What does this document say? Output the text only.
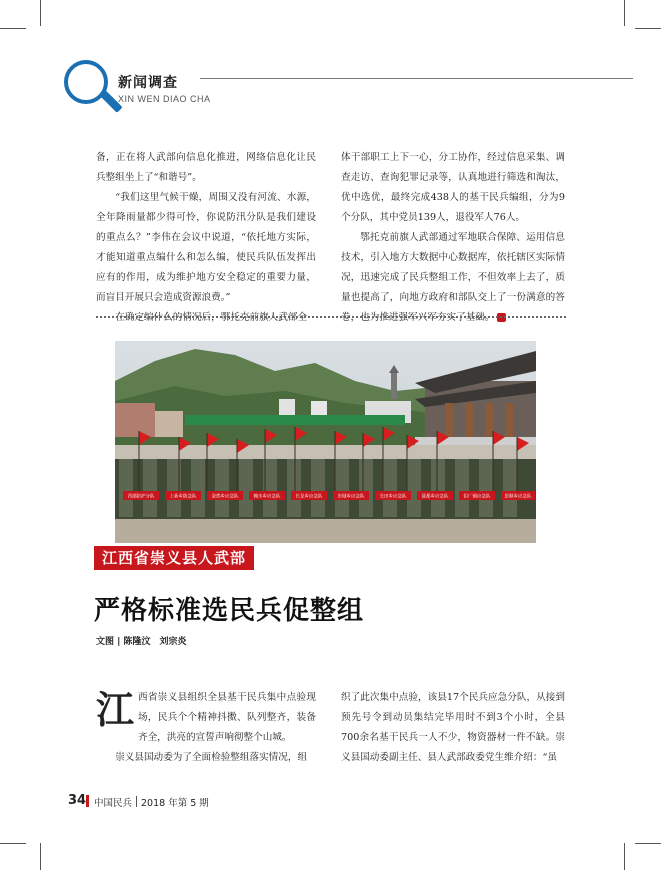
新闻调查
XIN WEN DIAO CHA

备，正在将人武部向信息化推进，网络信息化让民兵整组坐上了“和谐号”。

“我们这里气候干燥，周围又没有河流、水源，全年降雨量都少得可怜，你说防汛分队是我们建设的重点么？”李伟在会议中说道，“依托地方实际，才能知道重点编什么和怎么编，使民兵队伍发挥出应有的作用，成为维护地方安全稳定的重要力量，而盲目开展只会造成资源浪费。”

在确定编什么的情况后，鄂托克前旗人武部全

体干部职工上下一心，分工协作，经过信息采集、调查走访、查询犯罪记录等，认真地进行筛选和淘汰，优中选优，最终完成438人的基干民兵编组，分为9个分队，其中党员139人，退役军人76人。

鄂托克前旗人武部通过军地联合保障、运用信息技术，引入地方大数据中心数据库，依托辖区实际情况，迅速完成了民兵整组工作，不但效率上去了，质量也提高了，向地方政府和部队交上了一份满意的答卷，也为推进强军兴军夯实了基础。

西部防护分队	上新乡防急队	金然乡应急队	赖水乡应急队	长龙乡应急队	崇城乡应急队	关田乡应急队	聂都乡应急队	铅厂镇应急队	思顺乡应急队
江西省崇义县人武部
严格标准选民兵促整组
文图 | 陈隆汶　刘宗炎
江 西省崇义县组织全县基干民兵集中点验现场，民兵个个精神抖擞、队列整齐，装备齐全，洪亮的宣誓声响彻整个山城。

崇义县国动委为了全面检验整组落实情况，组

织了此次集中点验，该县17个民兵应急分队，从接到预先号令到动员集结完毕用时不到3个小时，全县700余名基干民兵一人不少，物资器材一件不缺。崇义县国动委副主任、县人武部政委党生维介绍：“虽

34 中国民兵 2018 年第 5 期
